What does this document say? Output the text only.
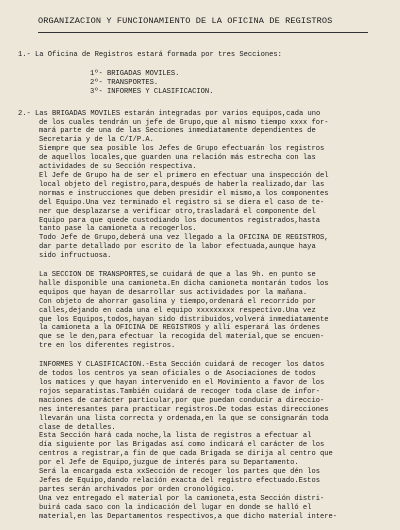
ORGANIZACION Y FUNCIONAMIENTO DE LA OFICINA DE REGISTROS

1.- La Oficina de Registros estará formada por tres Secciones:

1º- BRIGADAS MOVILES.

2º- TRANSPORTES.

3º- INFORMES Y CLASIFICACION.

2.- Las BRIGADAS MOVILES estarán integradas por varios equipos,cada uno

de los cuales tendrán un jefe de Grupo,que al mismo tiempo xxxx for-

mará parte de una de las Secciones inmediatamente dependientes de

Secretaría y de la C/I/P.A.

Siempre que sea posible los Jefes de Grupo efectuarán los registros

de aquellos locales,que guarden una relación más estrecha con las

actividades de su Sección respectiva.

El Jefe de Grupo ha de ser el primero en efectuar una inspección del

local objeto del registro,para,después de haberla realizado,dar las

normas e instrucciones que deben presidir el mismo,a los componentes

del Equipo.Una vez terminado el registro si se diera el caso de te-

ner que desplazarse a verificar otro,trasladará el componente del

Equipo para que quede custodiando los documentos registrados,hasta

tanto pase la camioneta a recogerlos.

Todo Jefe de Grupo,deberá una vez llegado a la OFICINA DE REGISTROS,

dar parte detallado por escrito de la labor efectuada,aunque haya

sido infructuosa.

La SECCION DE TRANSPORTES,se cuidará de que a las 9h. en punto se

halle disponible una camioneta.En dicha camioneta montarán todos los

equipos que hayan de desarrollar sus actividades por la mañana.

Con objeto de ahorrar gasolina y tiempo,ordenará el recorrido por

calles,dejando en cada una el equipo xxxxxxxxx respectivo.Una vez

que los Equipos,todos,hayan sido distribuidos,volverá inmediatamente

la camioneta a la OFICINA DE REGISTROS y allí esperará las órdenes

que se le den,para efectuar la recogida del material,que se encuen-

tre en los diferentes registros.

INFORMES Y CLASIFICACION.-Esta Sección cuidará de recoger los datos

de todos los centros ya sean oficiales o de Asociaciones de todos

los matices y que hayan intervenido en el Movimiento a favor de los

rojos separatistas.También cuidará de recoger toda clase de infor-

maciones de carácter particular,por que puedan conducir a direccio-

nes interesantes para practicar registros.De todas estas direcciones

llevarán una lista correcta y ordenada,en la que se consignarán toda

clase de detalles.

Esta Sección hará cada noche,la lista de registros a efectuar al

día siguiente por las Brigadas así como indicará el carácter de los

centros a registrar,a fin de que cada Brigada se dirija al centro que

por el Jefe de Equipo,juzgue de interés para su Departamento.

Será la encargada esta xxSección de recoger los partes que dén los

Jefes de Equipo,dando relación exacta del registro efectuado.Estos

partes serán archivados por orden cronológico.

Una vez entregado el material por la camioneta,esta Sección distri-

buirá cada saco con la indicación del lugar en donde se halló el

material,en las Departamentos respectivos,a que dicho material intere-
